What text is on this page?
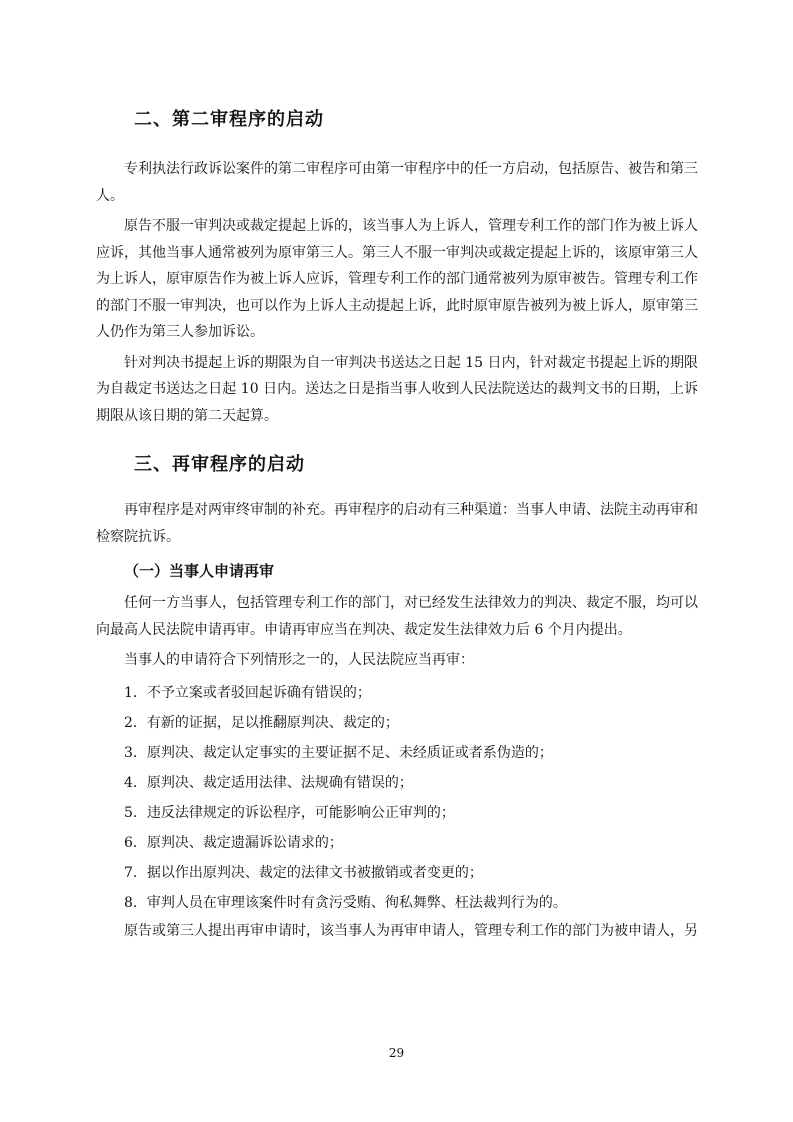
二、第二审程序的启动

专利执法行政诉讼案件的第二审程序可由第一审程序中的任一方启动，包括原告、被告和第三人。

原告不服一审判决或裁定提起上诉的，该当事人为上诉人，管理专利工作的部门作为被上诉人应诉，其他当事人通常被列为原审第三人。第三人不服一审判决或裁定提起上诉的，该原审第三人为上诉人，原审原告作为被上诉人应诉，管理专利工作的部门通常被列为原审被告。管理专利工作的部门不服一审判决，也可以作为上诉人主动提起上诉，此时原审原告被列为被上诉人，原审第三人仍作为第三人参加诉讼。

针对判决书提起上诉的期限为自一审判决书送达之日起 15 日内，针对裁定书提起上诉的期限为自裁定书送达之日起 10 日内。送达之日是指当事人收到人民法院送达的裁判文书的日期，上诉期限从该日期的第二天起算。

三、再审程序的启动

再审程序是对两审终审制的补充。再审程序的启动有三种渠道：当事人申请、法院主动再审和检察院抗诉。

（一）当事人申请再审

任何一方当事人，包括管理专利工作的部门，对已经发生法律效力的判决、裁定不服，均可以向最高人民法院申请再审。申请再审应当在判决、裁定发生法律效力后 6 个月内提出。

当事人的申请符合下列情形之一的，人民法院应当再审：

1．不予立案或者驳回起诉确有错误的；
2．有新的证据，足以推翻原判决、裁定的；
3．原判决、裁定认定事实的主要证据不足、未经质证或者系伪造的；
4．原判决、裁定适用法律、法规确有错误的；
5．违反法律规定的诉讼程序，可能影响公正审判的；
6．原判决、裁定遗漏诉讼请求的；
7．据以作出原判决、裁定的法律文书被撤销或者变更的；
8．审判人员在审理该案件时有贪污受贿、徇私舞弊、枉法裁判行为的。

原告或第三人提出再审申请时，该当事人为再审申请人，管理专利工作的部门为被申请人，另

29
